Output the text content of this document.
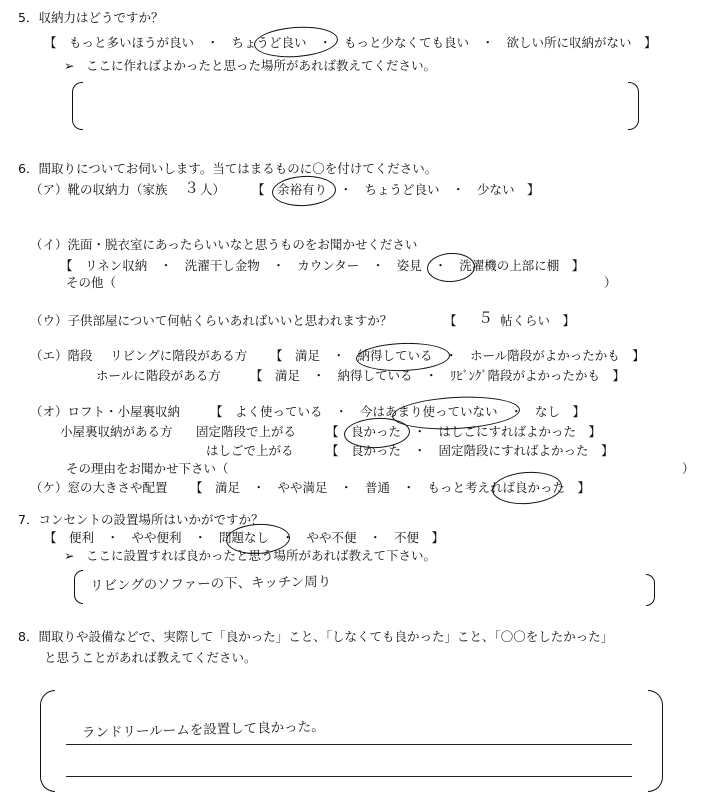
5．収納力はどうですか？
【　もっと多いほうが良い　・　ちょうど良い　・　もっと少なくても良い　・　欲しい所に収納がない　】
➢ ここに作ればよかったと思った場所があれば教えてください。
6．間取りについてお伺いします。当てはまるものに〇を付けてください。
（ア）靴の収納力（家族 ３ 人） 【　余裕有り　・　ちょうど良い　・　少ない　】
（イ）洗面・脱衣室にあったらいいなと思うものをお聞かせください
【　リネン収納　・　洗濯干し金物　・　カウンター　・　姿見　・　洗濯機の上部に棚　】
その他（	）
（ウ）子供部屋について何帖くらいあればいいと思われますか？	【 ５ 帖くらい　】
（エ）階段 リビングに階段がある方 【　満足　・　納得している　・　ホール階段がよかったかも　】
ホールに階段がある方 【　満足　・　納得している　・　ﾘﾋﾞﾝｸﾞ階段がよかったかも　】
（オ）ロフト・小屋裏収納 【　よく使っている　・　今はあまり使っていない　・　なし　】
小屋裏収納がある方 固定階段で上がる 【　良かった　・　はしごにすればよかった　】
はしごで上がる	【　良かった　・　固定階段にすればよかった　】
その理由をお聞かせ下さい（	）
（ケ）窓の大きさや配置 【　満足　・　やや満足　・　普通　・　もっと考えれば良かった　】
7．コンセントの設置場所はいかがですか？
【　便利　・　やや便利　・　問題なし　・　やや不便　・　不便　】
➢ ここに設置すれば良かったと思う場所があれば教えて下さい。
リビングのソファーの下、キッチン周り
8．間取りや設備などで、実際して「良かった」こと、「しなくても良かった」こと、「〇〇をしたかった」
と思うことがあれば教えてください。
ランドリールームを設置して良かった。
